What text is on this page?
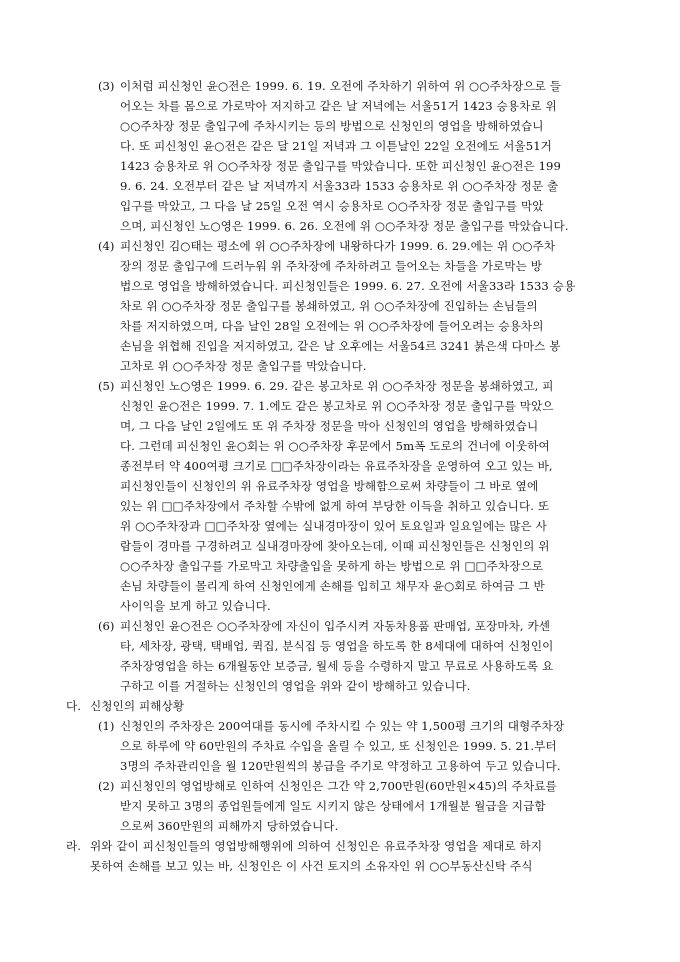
(3) 이처럼 피신청인 윤○전은 1999. 6. 19. 오전에 주차하기 위하여 위 ○○주차장으로 들
어오는 차를 몸으로 가로막아 저지하고 같은 날 저녁에는 서울51거 1423 승용차로 위
○○주차장 정문 출입구에 주차시키는 등의 방법으로 신청인의 영업을 방해하였습니
다. 또 피신청인 윤○전은 같은 달 21일 저녁과 그 이튿날인 22일 오전에도 서울51거
1423 승용차로 위 ○○주차장 정문 출입구를 막았습니다. 또한 피신청인 윤○전은 199
9. 6. 24. 오전부터 같은 날 저녁까지 서울33라 1533 승용차로 위 ○○주차장 정문 출
입구를 막았고, 그 다음 날 25일 오전 역시 승용차로 ○○주차장 정문 출입구를 막았
으며, 피신청인 노○영은 1999. 6. 26. 오전에 위 ○○주차장 정문 출입구를 막았습니다.
(4) 피신청인 김○태는 평소에 위 ○○주차장에 내왕하다가 1999. 6. 29.에는 위 ○○주차
장의 정문 출입구에 드러누워 위 주차장에 주차하려고 들어오는 차들을 가로막는 방
법으로 영업을 방해하였습니다. 피신청인들은 1999. 6. 27. 오전에 서울33라 1533 승용
차로 위 ○○주차장 정문 출입구를 봉쇄하였고, 위 ○○주차장에 진입하는 손님들의
차를 저지하였으며, 다음 날인 28일 오전에는 위 ○○주차장에 들어오려는 승용차의
손님을 위협해 진입을 저지하였고, 같은 날 오후에는 서울54르 3241 붉은색 다마스 봉
고차로 위 ○○주차장 정문 출입구를 막았습니다.
(5) 피신청인 노○영은 1999. 6. 29. 같은 봉고차로 위 ○○주차장 정문을 봉쇄하였고, 피
신청인 윤○전은 1999. 7. 1.에도 같은 봉고차로 위 ○○주차장 정문 출입구를 막았으
며, 그 다음 날인 2일에도 또 위 주차장 정문을 막아 신청인의 영업을 방해하였습니
다. 그런데 피신청인 윤○회는 위 ○○주차장 후문에서 5m폭 도로의 건너에 이웃하여
종전부터 약 400여평 크기로 □□주차장이라는 유료주차장을 운영하여 오고 있는 바,
피신청인들이 신청인의 위 유료주차장 영업을 방해함으로써 차량들이 그 바로 옆에
있는 위 □□주차장에서 주차할 수밖에 없게 하여 부당한 이득을 취하고 있습니다. 또
위 ○○주차장과 □□주차장 옆에는 실내경마장이 있어 토요일과 일요일에는 많은 사
람들이 경마를 구경하려고 실내경마장에 찾아오는데, 이때 피신청인들은 신청인의 위
○○주차장 출입구를 가로막고 차량출입을 못하게 하는 방법으로 위 □□주차장으로
손님 차량들이 몰리게 하여 신청인에게 손해를 입히고 채무자 윤○회로 하여금 그 반
사이익을 보게 하고 있습니다.
(6) 피신청인 윤○전은 ○○주차장에 자신이 입주시켜 자동차용품 판매업, 포장마차, 카센
타, 세차장, 광택, 택배업, 퀵집, 분식집 등 영업을 하도록 한 8세대에 대하여 신청인이
주차장영업을 하는 6개월동안 보증금, 월세 등을 수령하지 말고 무료로 사용하도록 요
구하고 이를 거절하는 신청인의 영업을 위와 같이 방해하고 있습니다.
다. 신청인의 피해상황
(1) 신청인의 주차장은 200여대를 동시에 주차시킬 수 있는 약 1,500평 크기의 대형주차장
으로 하루에 약 60만원의 주차료 수입을 올릴 수 있고, 또 신청인은 1999. 5. 21.부터
3명의 주차관리인을 월 120만원씩의 봉급을 주기로 약정하고 고용하여 두고 있습니다.
(2) 피신청인의 영업방해로 인하여 신청인은 그간 약 2,700만원(60만원×45)의 주차료를
받지 못하고 3명의 종업원들에게 일도 시키지 않은 상태에서 1개월분 월급을 지급함
으로써 360만원의 피해까지 당하였습니다.
라. 위와 같이 피신청인들의 영업방해행위에 의하여 신청인은 유료주차장 영업을 제대로 하지
못하여 손해를 보고 있는 바, 신청인은 이 사건 토지의 소유자인 위 ○○부동산신탁 주식
